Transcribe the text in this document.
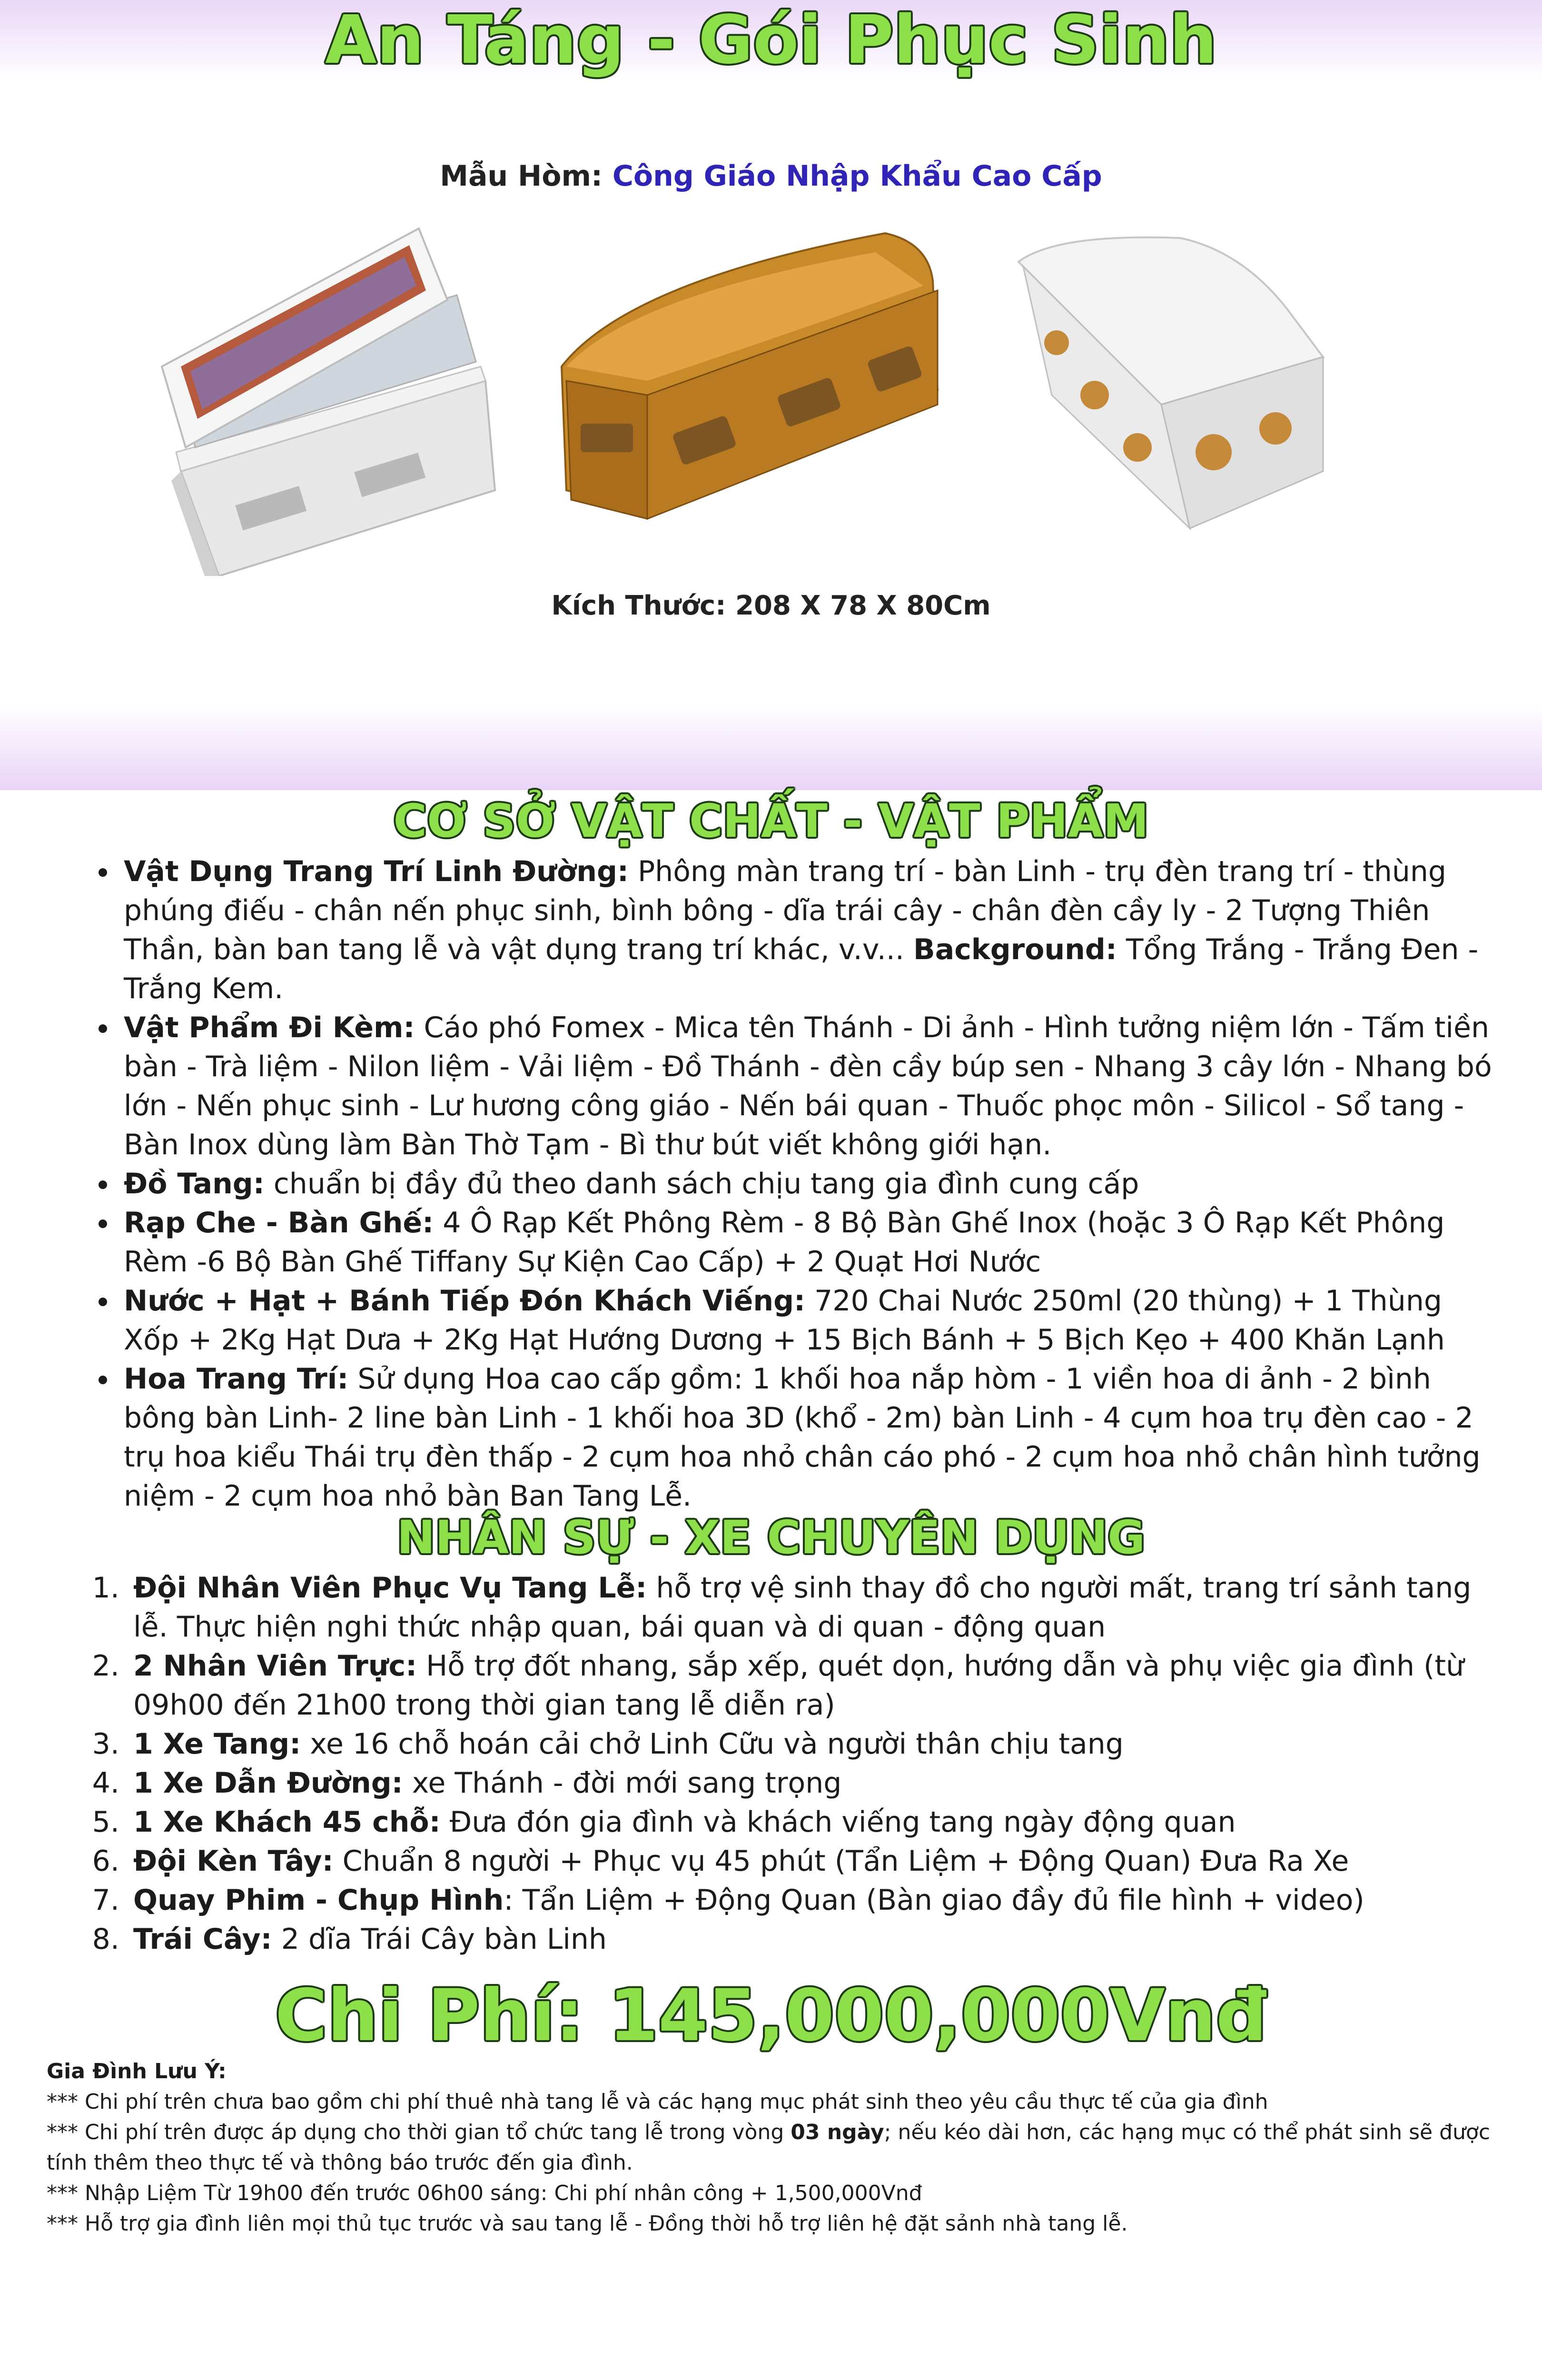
An Táng - Gói Phục Sinh
Mẫu Hòm: Công Giáo Nhập Khẩu Cao Cấp
Kích Thước: 208 X 78 X 80Cm
CƠ SỞ VẬT CHẤT - VẬT PHẨM
• Vật Dụng Trang Trí Linh Đường: Phông màn trang trí - bàn Linh - trụ đèn trang trí - thùng phúng điếu - chân nến phục sinh, bình bông - dĩa trái cây - chân đèn cầy ly - 2 Tượng Thiên Thần, bàn ban tang lễ và vật dụng trang trí khác, v.v... Background: Tổng Trắng - Trắng Đen - Trắng Kem.
• Vật Phẩm Đi Kèm: Cáo phó Fomex - Mica tên Thánh - Di ảnh - Hình tưởng niệm lớn - Tấm tiền bàn - Trà liệm - Nilon liệm - Vải liệm - Đồ Thánh - đèn cầy búp sen - Nhang 3 cây lớn - Nhang bó lớn - Nến phục sinh - Lư hương công giáo - Nến bái quan - Thuốc phọc môn - Silicol - Sổ tang - Bàn Inox dùng làm Bàn Thờ Tạm - Bì thư bút viết không giới hạn.
• Đồ Tang: chuẩn bị đầy đủ theo danh sách chịu tang gia đình cung cấp
• Rạp Che - Bàn Ghế: 4 Ô Rạp Kết Phông Rèm - 8 Bộ Bàn Ghế Inox (hoặc 3 Ô Rạp Kết Phông Rèm -6 Bộ Bàn Ghế Tiffany Sự Kiện Cao Cấp) + 2 Quạt Hơi Nước
• Nước + Hạt + Bánh Tiếp Đón Khách Viếng: 720 Chai Nước 250ml (20 thùng) + 1 Thùng Xốp + 2Kg Hạt Dưa + 2Kg Hạt Hướng Dương + 15 Bịch Bánh + 5 Bịch Kẹo + 400 Khăn Lạnh
• Hoa Trang Trí: Sử dụng Hoa cao cấp gồm: 1 khối hoa nắp hòm - 1 viền hoa di ảnh - 2 bình bông bàn Linh- 2 line bàn Linh - 1 khối hoa 3D (khổ - 2m) bàn Linh - 4 cụm hoa trụ đèn cao - 2 trụ hoa kiểu Thái trụ đèn thấp - 2 cụm hoa nhỏ chân cáo phó - 2 cụm hoa nhỏ chân hình tưởng niệm - 2 cụm hoa nhỏ bàn Ban Tang Lễ.
NHÂN SỰ - XE CHUYÊN DỤNG
1. Đội Nhân Viên Phục Vụ Tang Lễ: hỗ trợ vệ sinh thay đồ cho người mất, trang trí sảnh tang lễ. Thực hiện nghi thức nhập quan, bái quan và di quan - động quan
2. 2 Nhân Viên Trực: Hỗ trợ đốt nhang, sắp xếp, quét dọn, hướng dẫn và phụ việc gia đình (từ 09h00 đến 21h00 trong thời gian tang lễ diễn ra)
3. 1 Xe Tang: xe 16 chỗ hoán cải chở Linh Cữu và người thân chịu tang
4. 1 Xe Dẫn Đường: xe Thánh - đời mới sang trọng
5. 1 Xe Khách 45 chỗ: Đưa đón gia đình và khách viếng tang ngày động quan
6. Đội Kèn Tây: Chuẩn 8 người + Phục vụ 45 phút (Tẩn Liệm + Động Quan) Đưa Ra Xe
7. Quay Phim - Chụp Hình: Tẩn Liệm + Động Quan (Bàn giao đầy đủ file hình + video)
8. Trái Cây: 2 dĩa Trái Cây bàn Linh
Chi Phí: 145,000,000Vnđ
Gia Đình Lưu Ý:
*** Chi phí trên chưa bao gồm chi phí thuê nhà tang lễ và các hạng mục phát sinh theo yêu cầu thực tế của gia đình
*** Chi phí trên được áp dụng cho thời gian tổ chức tang lễ trong vòng 03 ngày; nếu kéo dài hơn, các hạng mục có thể phát sinh sẽ được tính thêm theo thực tế và thông báo trước đến gia đình.
*** Nhập Liệm Từ 19h00 đến trước 06h00 sáng: Chi phí nhân công + 1,500,000Vnđ
*** Hỗ trợ gia đình liên mọi thủ tục trước và sau tang lễ - Đồng thời hỗ trợ liên hệ đặt sảnh nhà tang lễ.
